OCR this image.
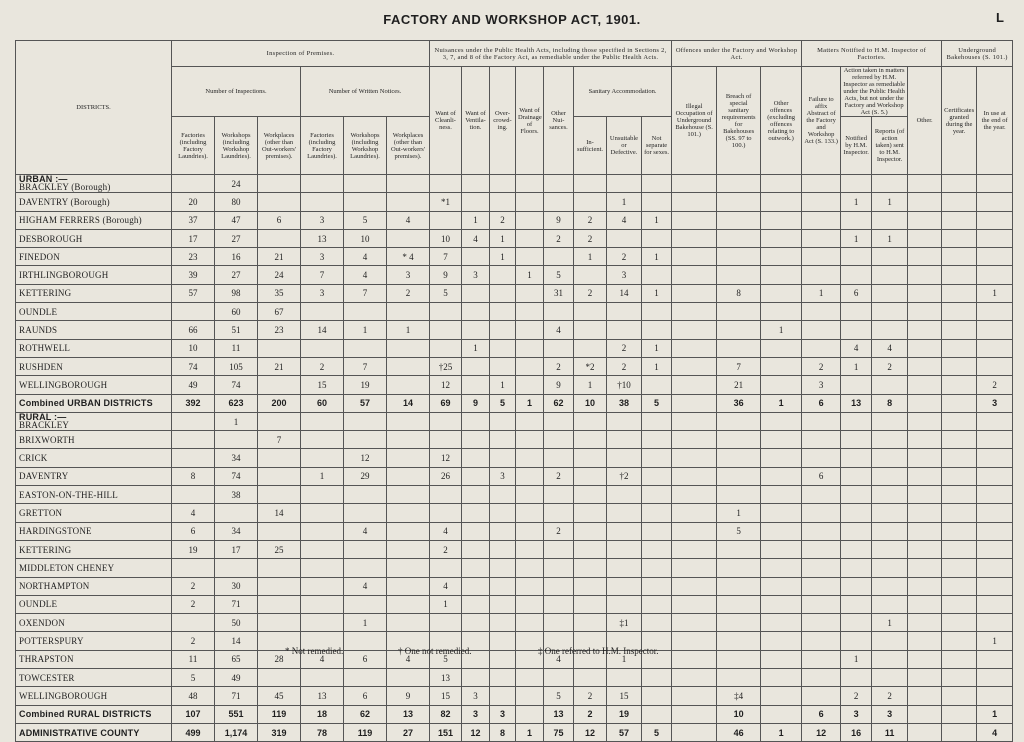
FACTORY AND WORKSHOP ACT, 1901.	L
DISTRICTS.	Inspection of Premises.						Nuisances under the Public Health Acts, including those specified in Sections 2, 3, 7, and 8 of the Factory Act, as remediable under the Public Health Acts.								Offences under the Factory and Workshop Act.			Matters Notified to H.M. Inspector of Factories.				Underground Bakehouses (S. 101.)	
	Number of Inspections.			Number of Written Notices.			Want of Cleanli-ness.	Want of Ventila-tion.	Over-crowd-ing.	Want of Drainage of Floors.	Other Nui-sances.	Sanitary Accommodation.			Illegal Occupation of Underground Bakehouse (S. 101.)	Breach of special sanitary requirements for Bakehouses (SS. 97 to 100.)	Other offences (excluding offences relating to outwork.)	Failure to affix Abstract of the Factory and Workshop Act (S. 133.)	Action taken in matters referred by H.M. Inspector as remediable under the Public Health Acts, but not under the Factory and Workshop Act (S. 5.)		Other.	Certificates granted during the year.	In use at the end of the year.
	Factories (including Factory Laundries).	Workshops (including Workshop Laundries).	Workplaces (other than Out-workers' premises).	Factories (including Factory Laundries).	Workshops (including Workshop Laundries).	Workplaces (other than Out-workers' premises).						In-sufficient.	Unsuitable or Defective.	Not separate for sexes.					Notified by H.M. Inspector.	Reports (of action taken) sent to H.M. Inspector.			

URBAN :—
BRACKLEY (Borough)		24																					
DAVENTRY (Borough)	20	80					*1						1						1	1			
HIGHAM FERRERS (Borough)	37	47	6	3	5	4		1	2		9	2	4	1									
DESBOROUGH	17	27		13	10		10	4	1		2	2							1	1			
FINEDON	23	16	21	3	4	* 4	7		1			1	2	1									
IRTHLINGBOROUGH	39	27	24	7	4	3	9	3		1	5		3										
KETTERING	57	98	35	3	7	2	5				31	2	14	1		8		1	6				1
OUNDLE		60	67																				
RAUNDS	66	51	23	14	1	1					4						1						
ROTHWELL	10	11						1					2	1					4	4			
RUSHDEN	74	105	21	2	7		†25				2	*2	2	1		7		2	1	2			
WELLINGBOROUGH	49	74		15	19		12		1		9	1	†10			21		3					2
Combined URBAN DISTRICTS	392	623	200	60	57	14	69	9	5	1	62	10	38	5		36	1	6	13	8			3

RURAL :—
BRACKLEY		1																					
BRIXWORTH			7																				
CRICK		34			12		12																
DAVENTRY	8	74		1	29		26		3		2		†2					6					
EASTON-ON-THE-HILL		38																					
GRETTON	4		14													1							
HARDINGSTONE	6	34			4		4				2					5							
KETTERING	19	17	25				2																
MIDDLETON CHENEY																							
NORTHAMPTON	2	30			4		4																
OUNDLE	2	71					1																
OXENDON		50			1								‡1							1			
POTTERSPURY	2	14																					1
THRAPSTON	11	65	28	4	6	4	5				4		1						1				
TOWCESTER	5	49					13																
WELLINGBOROUGH	48	71	45	13	6	9	15	3			5	2	15			‡4			2	2			
Combined RURAL DISTRICTS	107	551	119	18	62	13	82	3	3		13	2	19			10		6	3	3			1
ADMINISTRATIVE COUNTY	499	1,174	319	78	119	27	151	12	8	1	75	12	57	5		46	1	12	16	11			4
* Not remedied.	† One not remedied.	‡ One referred to H.M. Inspector.
